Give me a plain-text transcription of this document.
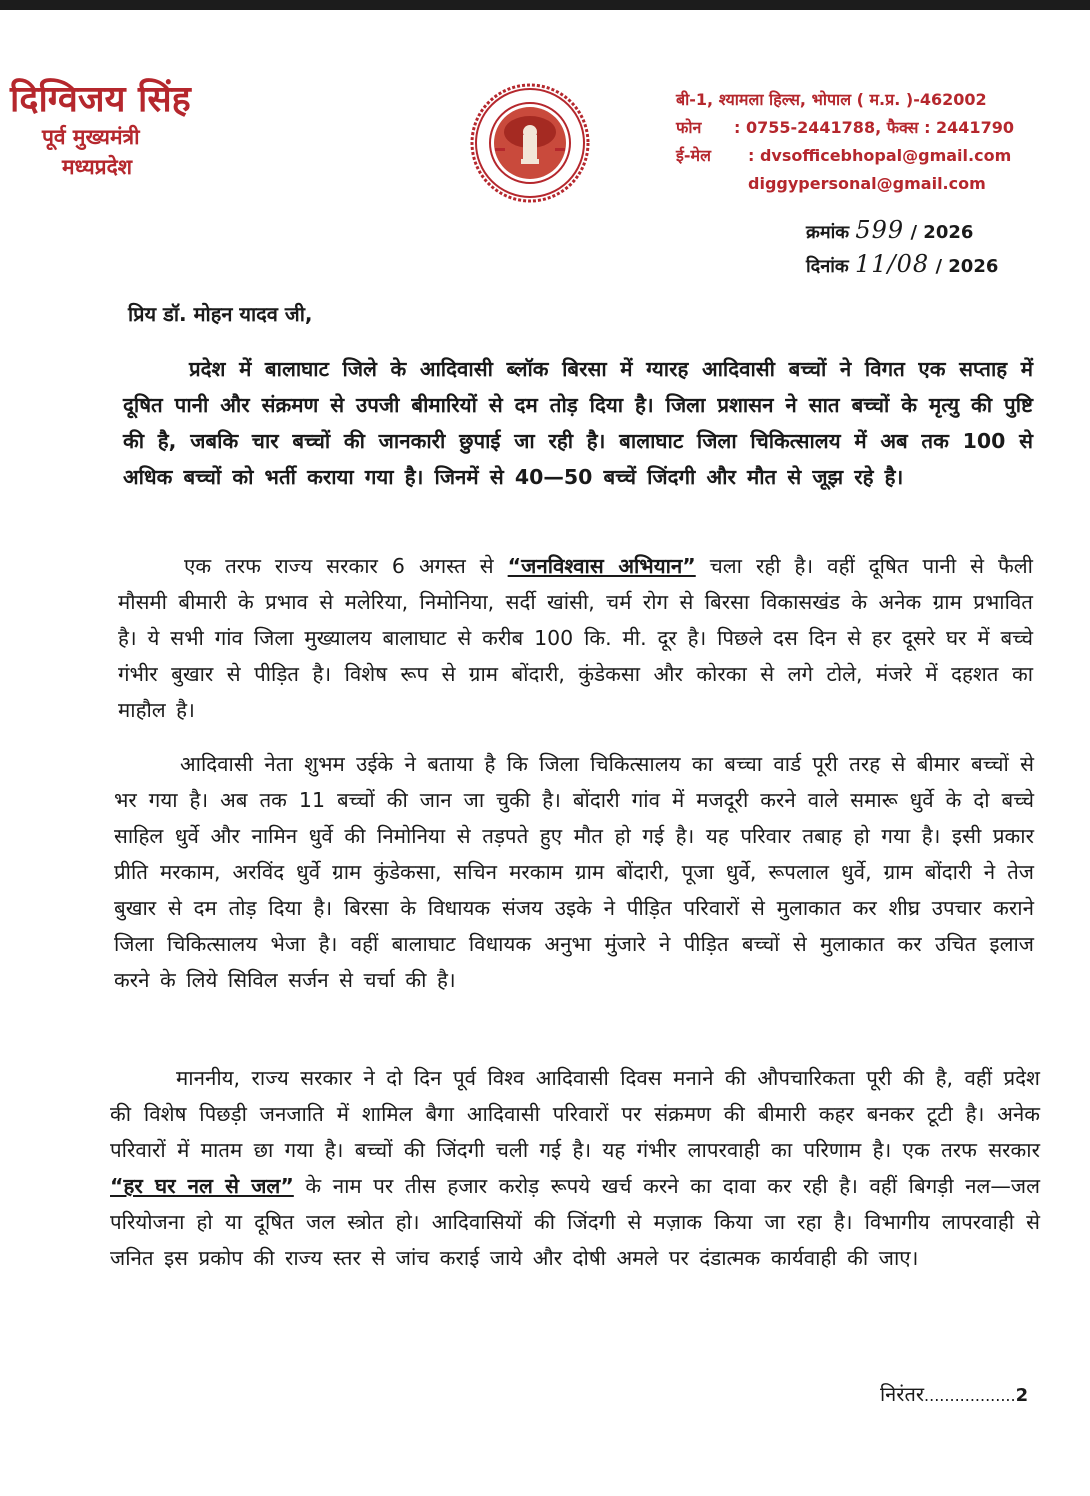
दिग्विजय सिंह
पूर्व मुख्यमंत्री
मध्यप्रदेश
बी-1, श्यामला हिल्स, भोपाल ( म.प्र. )-462002
फोन : 0755-2441788, फैक्स : 2441790
ई-मेल : dvsofficebhopal@gmail.com
diggypersonal@gmail.com
क्रमांक 599 / 2026
दिनांक 11/08 / 2026
प्रिय डॉ. मोहन यादव जी,
प्रदेश में बालाघाट जिले के आदिवासी ब्लॉक बिरसा में ग्यारह आदिवासी बच्चों ने विगत एक सप्ताह में दूषित पानी और संक्रमण से उपजी बीमारियों से दम तोड़ दिया है। जिला प्रशासन ने सात बच्चों के मृत्यु की पुष्टि की है, जबकि चार बच्चों की जानकारी छुपाई जा रही है। बालाघाट जिला चिकित्सालय में अब तक 100 से अधिक बच्चों को भर्ती कराया गया है। जिनमें से 40—50 बच्चें जिंदगी और मौत से जूझ रहे है।
एक तरफ राज्य सरकार 6 अगस्त से “जनविश्वास अभियान” चला रही है। वहीं दूषित पानी से फैली मौसमी बीमारी के प्रभाव से मलेरिया, निमोनिया, सर्दी खांसी, चर्म रोग से बिरसा विकासखंड के अनेक ग्राम प्रभावित है। ये सभी गांव जिला मुख्यालय बालाघाट से करीब 100 कि. मी. दूर है। पिछले दस दिन से हर दूसरे घर में बच्चे गंभीर बुखार से पीड़ित है। विशेष रूप से ग्राम बोंदारी, कुंडेकसा और कोरका से लगे टोले, मंजरे में दहशत का माहौल है।
आदिवासी नेता शुभम उईके ने बताया है कि जिला चिकित्सालय का बच्चा वार्ड पूरी तरह से बीमार बच्चों से भर गया है। अब तक 11 बच्चों की जान जा चुकी है। बोंदारी गांव में मजदूरी करने वाले समारू धुर्वे के दो बच्चे साहिल धुर्वे और नामिन धुर्वे की निमोनिया से तड़पते हुए मौत हो गई है। यह परिवार तबाह हो गया है। इसी प्रकार प्रीति मरकाम, अरविंद धुर्वे ग्राम कुंडेकसा, सचिन मरकाम ग्राम बोंदारी, पूजा धुर्वे, रूपलाल धुर्वे, ग्राम बोंदारी ने तेज बुखार से दम तोड़ दिया है। बिरसा के विधायक संजय उइके ने पीड़ित परिवारों से मुलाकात कर शीघ्र उपचार कराने जिला चिकित्सालय भेजा है। वहीं बालाघाट विधायक अनुभा मुंजारे ने पीड़ित बच्चों से मुलाकात कर उचित इलाज करने के लिये सिविल सर्जन से चर्चा की है।
माननीय, राज्य सरकार ने दो दिन पूर्व विश्व आदिवासी दिवस मनाने की औपचारिकता पूरी की है, वहीं प्रदेश की विशेष पिछड़ी जनजाति में शामिल बैगा आदिवासी परिवारों पर संक्रमण की बीमारी कहर बनकर टूटी है। अनेक परिवारों में मातम छा गया है। बच्चों की जिंदगी चली गई है। यह गंभीर लापरवाही का परिणाम है। एक तरफ सरकार “हर घर नल से जल” के नाम पर तीस हजार करोड़ रूपये खर्च करने का दावा कर रही है। वहीं बिगड़ी नल—जल परियोजना हो या दूषित जल स्त्रोत हो। आदिवासियों की जिंदगी से मज़ाक किया जा रहा है। विभागीय लापरवाही से जनित इस प्रकोप की राज्य स्तर से जांच कराई जाये और दोषी अमले पर दंडात्मक कार्यवाही की जाए।
निरंतर..................2
